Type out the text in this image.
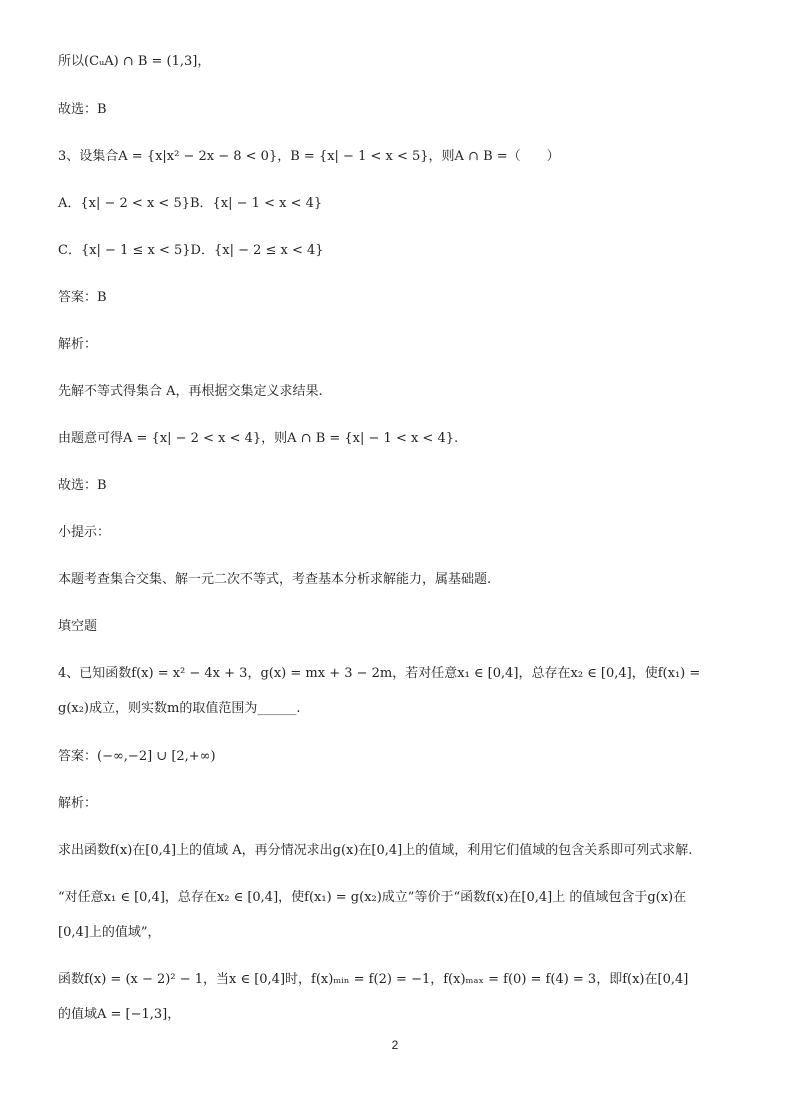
所以(CᵤA) ∩ B = (1,3]，
故选：B
3、设集合A = {x|x² − 2x − 8 < 0}，B = {x| − 1 < x < 5}，则A ∩ B =（　　）
A．{x| − 2 < x < 5}B．{x| − 1 < x < 4}
C．{x| − 1 ≤ x < 5}D．{x| − 2 ≤ x < 4}
答案：B
解析：
先解不等式得集合 A，再根据交集定义求结果.
由题意可得A = {x| − 2 < x < 4}，则A ∩ B = {x| − 1 < x < 4}.
故选：B
小提示：
本题考查集合交集、解一元二次不等式，考查基本分析求解能力，属基础题.
填空题
4、已知函数f(x) = x² − 4x + 3，g(x) = mx + 3 − 2m，若对任意x₁ ∈ [0,4]，总存在x₂ ∈ [0,4]，使f(x₁) =
g(x₂)成立，则实数m的取值范围为______.
答案：(−∞,−2] ∪ [2,+∞)
解析：
求出函数f(x)在[0,4]上的值域 A，再分情况求出g(x)在[0,4]上的值域，利用它们值域的包含关系即可列式求解.
“对任意x₁ ∈ [0,4]，总存在x₂ ∈ [0,4]，使f(x₁) = g(x₂)成立”等价于“函数f(x)在[0,4]上 的值域包含于g(x)在
[0,4]上的值域”，
函数f(x) = (x − 2)² − 1，当x ∈ [0,4]时，f(x)ₘᵢₙ = f(2) = −1，f(x)ₘₐₓ = f(0) = f(4) = 3，即f(x)在[0,4]
的值域A = [−1,3]，
2
